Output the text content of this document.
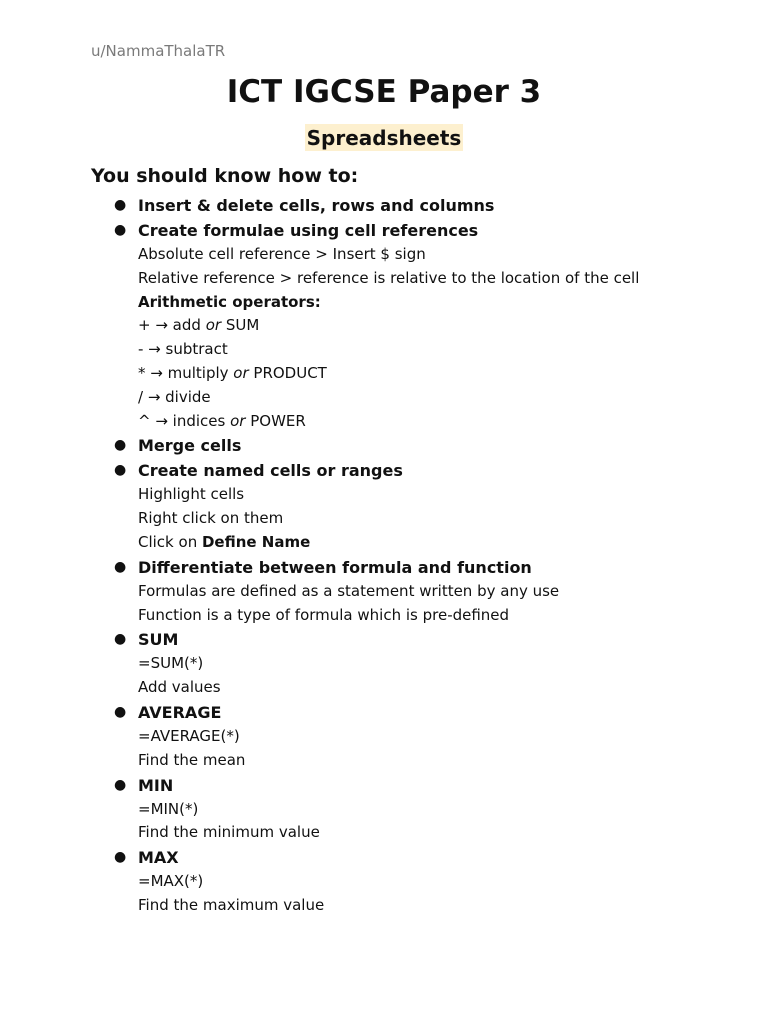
u/NammaThalaTR
ICT IGCSE Paper 3
Spreadsheets
You should know how to:
● Insert & delete cells, rows and columns
● Create formulae using cell references
Absolute cell reference > Insert $ sign
Relative reference > reference is relative to the location of the cell
Arithmetic operators:
+ → add or SUM
- → subtract
* → multiply or PRODUCT
/ → divide
^ → indices or POWER
● Merge cells
● Create named cells or ranges
Highlight cells
Right click on them
Click on Define Name
● Differentiate between formula and function
Formulas are defined as a statement written by any use
Function is a type of formula which is pre-defined
● SUM
=SUM(*)
Add values
● AVERAGE
=AVERAGE(*)
Find the mean
● MIN
=MIN(*)
Find the minimum value
● MAX
=MAX(*)
Find the maximum value
